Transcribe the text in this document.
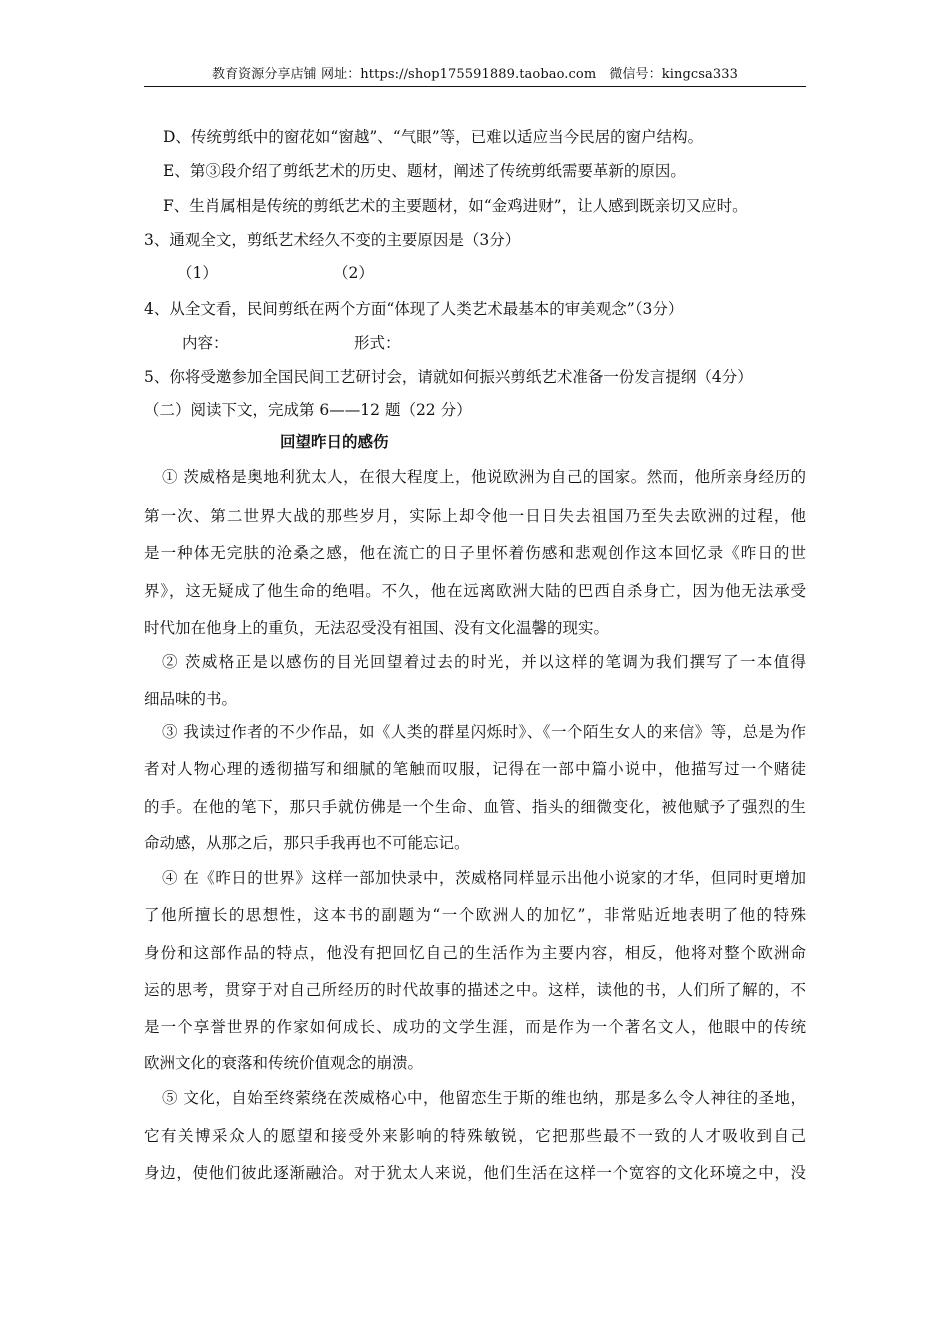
教育资源分享店铺 网址：https://shop175591889.taobao.com　微信号：kingcsa333
D、传统剪纸中的窗花如“窗越”、“气眼”等，已难以适应当今民居的窗户结构。
E、第③段介绍了剪纸艺术的历史、题材，阐述了传统剪纸需要革新的原因。
F、生肖属相是传统的剪纸艺术的主要题材，如“金鸡进财”，让人感到既亲切又应时。
3、通观全文，剪纸艺术经久不变的主要原因是（3分）
（1）	（2）
4、从全文看，民间剪纸在两个方面“体现了人类艺术最基本的审美观念”（3分）
内容：	形式：
5、你将受邀参加全国民间工艺研讨会，请就如何振兴剪纸艺术准备一份发言提纲（4分）
（二）阅读下文，完成第 6——12 题（22 分）
回望昨日的感伤
① 茨威格是奥地利犹太人，在很大程度上，他说欧洲为自己的国家。然而，他所亲身经历的
第一次、第二世界大战的那些岁月，实际上却令他一日日失去祖国乃至失去欧洲的过程，他
是一种体无完肤的沧桑之感，他在流亡的日子里怀着伤感和悲观创作这本回忆录《昨日的世
界》，这无疑成了他生命的绝唱。不久，他在远离欧洲大陆的巴西自杀身亡，因为他无法承受
时代加在他身上的重负，无法忍受没有祖国、没有文化温馨的现实。
② 茨威格正是以感伤的目光回望着过去的时光，并以这样的笔调为我们撰写了一本值得
细品味的书。
③ 我读过作者的不少作品，如《人类的群星闪烁时》、《一个陌生女人的来信》等，总是为作
者对人物心理的透彻描写和细腻的笔触而叹服，记得在一部中篇小说中，他描写过一个赌徒
的手。在他的笔下，那只手就仿佛是一个生命、血管、指头的细微变化，被他赋予了强烈的生
命动感，从那之后，那只手我再也不可能忘记。
④ 在《昨日的世界》这样一部加快录中，茨威格同样显示出他小说家的才华，但同时更增加
了他所擅长的思想性，这本书的副题为“一个欧洲人的加忆”，非常贴近地表明了他的特殊
身份和这部作品的特点，他没有把回忆自己的生活作为主要内容，相反，他将对整个欧洲命
运的思考，贯穿于对自己所经历的时代故事的描述之中。这样，读他的书，人们所了解的，不
是一个享誉世界的作家如何成长、成功的文学生涯，而是作为一个著名文人，他眼中的传统
欧洲文化的衰落和传统价值观念的崩溃。
⑤ 文化，自始至终萦绕在茨威格心中，他留恋生于斯的维也纳，那是多么令人神往的圣地，
它有关博采众人的愿望和接受外来影响的特殊敏锐，它把那些最不一致的人才吸收到自己
身边，使他们彼此逐渐融洽。对于犹太人来说，他们生活在这样一个宽容的文化环境之中，没
